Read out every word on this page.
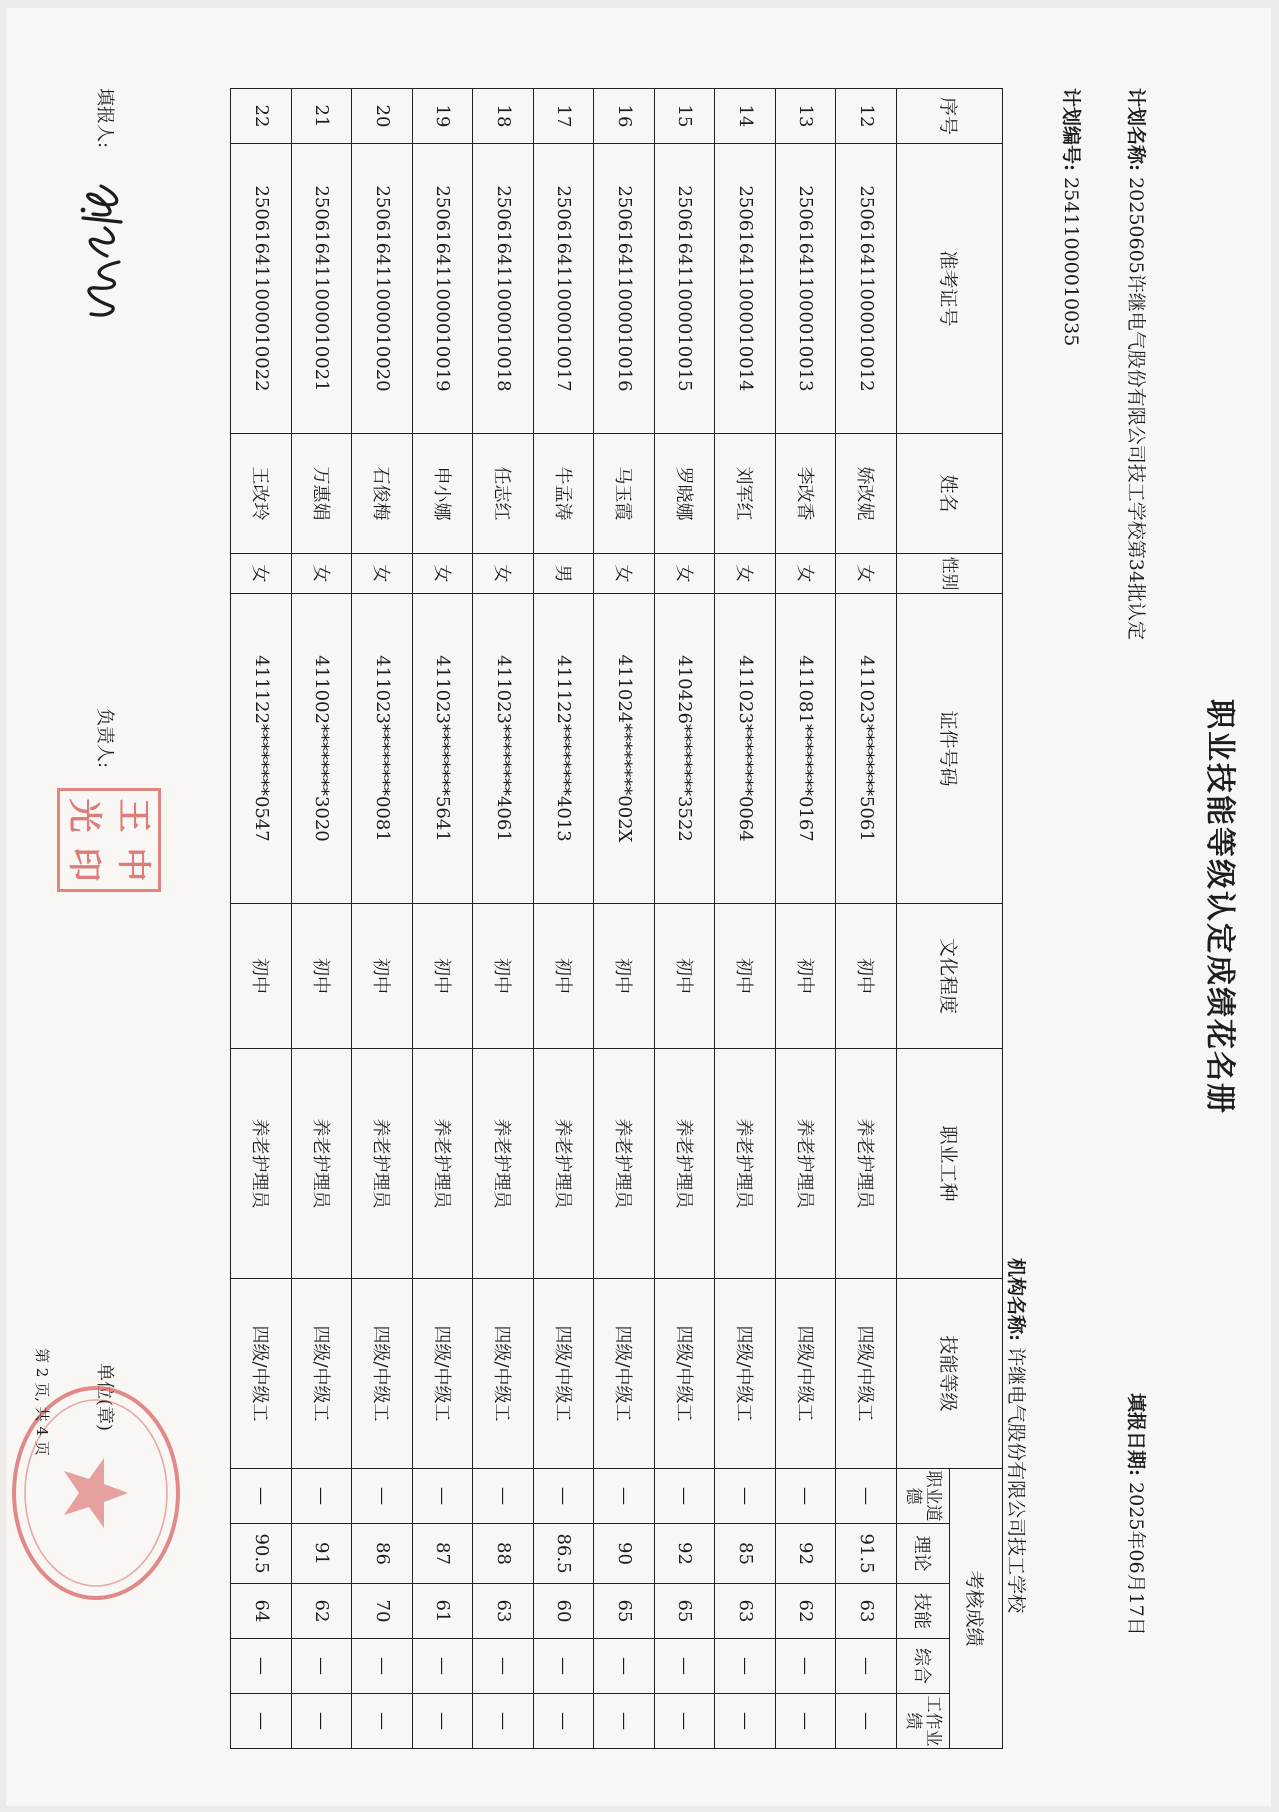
职业技能等级认定成绩花名册
计划名称: 20250605许继电气股份有限公司技工学校第34批认定
填报日期: 2025年06月17日
计划编号: 25411000010035
机构名称: 许继电气股份有限公司技工学校
序号	准考证号	姓名	性别	证件号码	文化程度	职业工种	技能等级	考核成绩				
								职业道德	理论	技能	综合	工作业绩
12	250616411000010012	娇改妮	女	411023********5061	初中	养老护理员	四级/中级工	—	91.5	63	—	—
13	250616411000010013	李改香	女	411081********0167	初中	养老护理员	四级/中级工	—	92	62	—	—
14	250616411000010014	刘军红	女	411023********0064	初中	养老护理员	四级/中级工	—	85	63	—	—
15	250616411000010015	罗晓娜	女	410426********3522	初中	养老护理员	四级/中级工	—	92	65	—	—
16	250616411000010016	马玉霞	女	411024********002X	初中	养老护理员	四级/中级工	—	90	65	—	—
17	250616411000010017	牛孟涛	男	411122********4013	初中	养老护理员	四级/中级工	—	86.5	60	—	—
18	250616411000010018	任志红	女	411023********4061	初中	养老护理员	四级/中级工	—	88	63	—	—
19	250616411000010019	申小娜	女	411023********5641	初中	养老护理员	四级/中级工	—	87	61	—	—
20	250616411000010020	石俊梅	女	411023********0081	初中	养老护理员	四级/中级工	—	86	70	—	—
21	250616411000010021	万惠娟	女	411002********3020	初中	养老护理员	四级/中级工	—	91	62	—	—
22	250616411000010022	王改玲	女	411122********0547	初中	养老护理员	四级/中级工	—	90.5	64	—	—
填报人:
负责人:
王
中
光
印
单位(章)
第 2 页, 共 4 页
